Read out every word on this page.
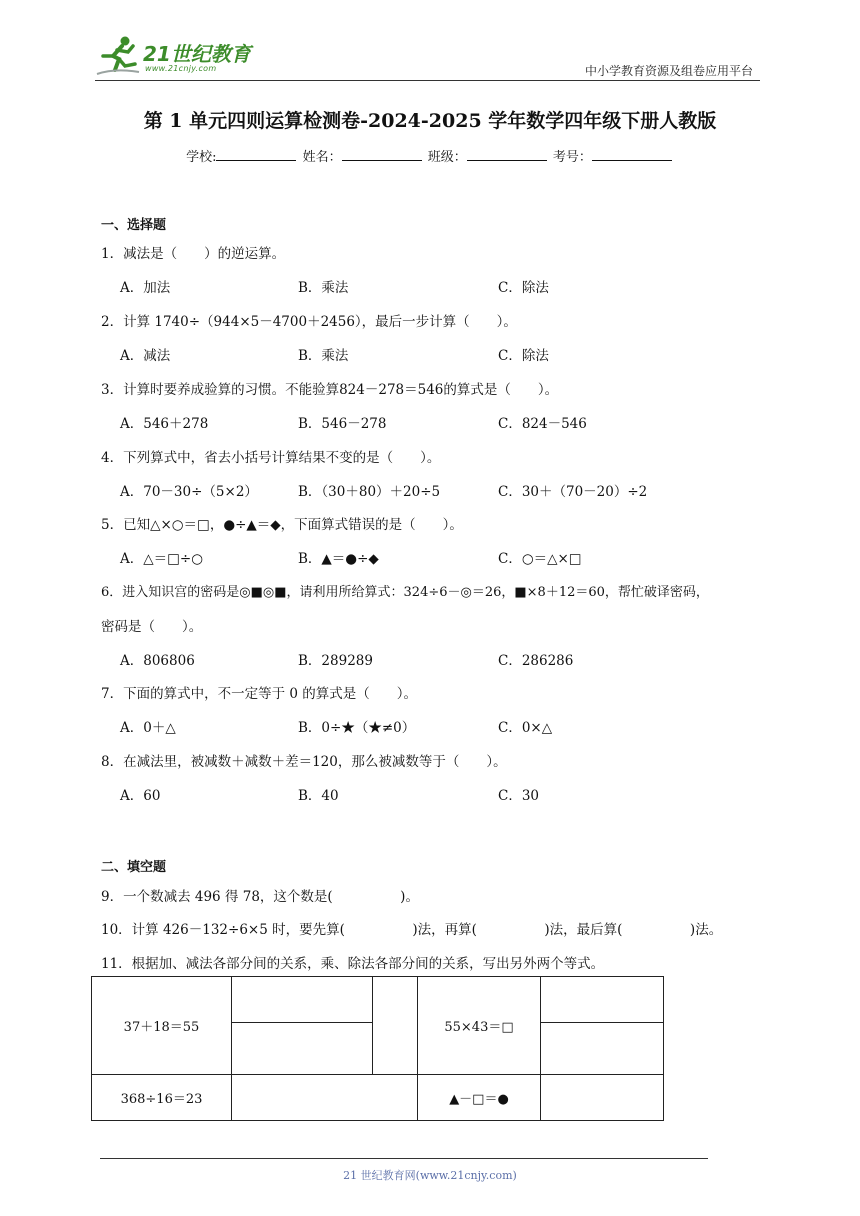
21世纪教育
www.21cnjy.com	中小学教育资源及组卷应用平台
第 1 单元四则运算检测卷-2024-2025 学年数学四年级下册人教版
学校:	姓名：	班级：	考号：
一、选择题
1．减法是（　　）的逆运算。
A．加法	B．乘法	C．除法
2．计算 1740÷（944×5－4700＋2456），最后一步计算（　　）。
A．减法	B．乘法	C．除法
3．计算时要养成验算的习惯。不能验算824－278＝546的算式是（　　）。
A．546＋278	B．546－278	C．824－546
4．下列算式中，省去小括号计算结果不变的是（　　）。
A．70－30÷（5×2）	B．（30＋80）＋20÷5	C．30＋（70－20）÷2
5．已知△×○＝□，●÷▲＝◆，下面算式错误的是（　　）。
A．△＝□÷○	B．▲＝●÷◆	C．○＝△×□
6．进入知识宫的密码是◎■◎■，请利用所给算式：324÷6－◎＝26，■×8＋12＝60，帮忙破译密码，
密码是（　　）。
A．806806	B．289289	C．286286
7．下面的算式中，不一定等于 0 的算式是（　　）。
A．0＋△	B．0÷★（★≠0）	C．0×△
8．在减法里，被减数＋减数＋差＝120，那么被减数等于（　　）。
A．60	B．40	C．30
二、填空题
9．一个数减去 496 得 78，这个数是(　　　　　)。
10．计算 426－132÷6×5 时，要先算(　　　　　)法，再算(　　　　　)法，最后算(　　　　　)法。
11．根据加、减法各部分间的关系，乘、除法各部分间的关系，写出另外两个等式。
37＋18＝55			55×43＝□	

368÷16＝23			▲－□＝●	
21 世纪教育网(www.21cnjy.com)
